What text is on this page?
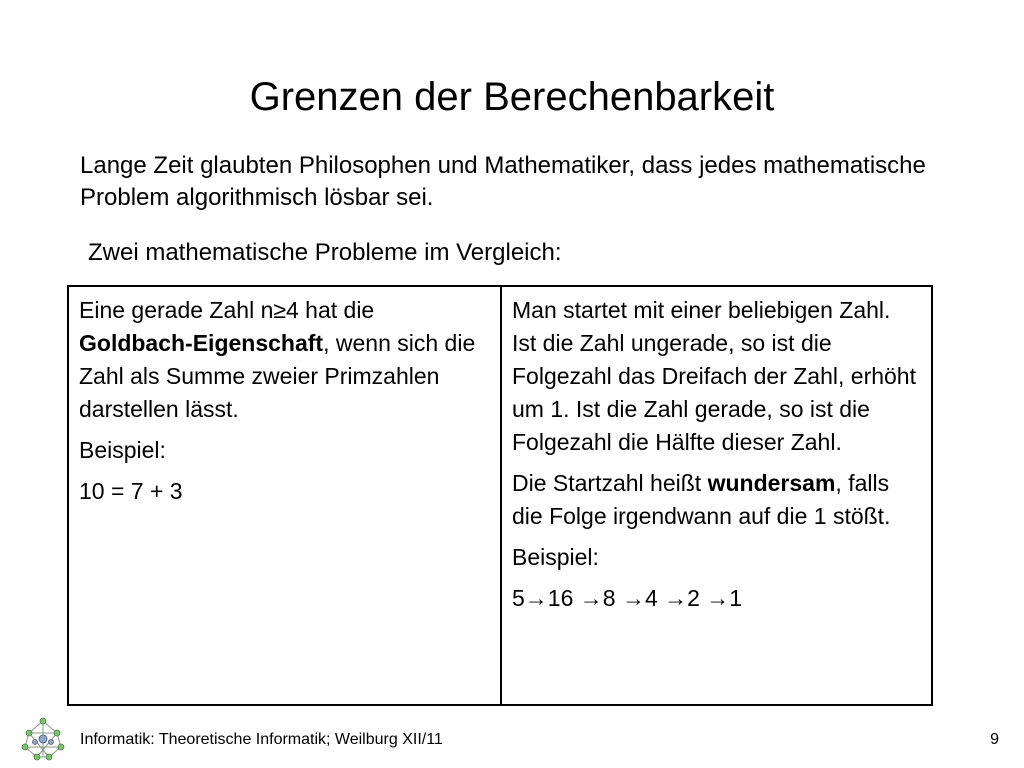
Grenzen der Berechenbarkeit

Lange Zeit glaubten Philosophen und Mathematiker, dass jedes mathematische Problem algorithmisch lösbar sei.

Zwei mathematische Probleme im Vergleich:

Eine gerade Zahl n≥4 hat die Goldbach-Eigenschaft, wenn sich die Zahl als Summe zweier Primzahlen darstellen lässt.

Beispiel:

10 = 7 + 3

Man startet mit einer beliebigen Zahl. Ist die Zahl ungerade, so ist die Folgezahl das Dreifach der Zahl, erhöht um 1. Ist die Zahl gerade, so ist die Folgezahl die Hälfte dieser Zahl.

Die Startzahl heißt wundersam, falls die Folge irgendwann auf die 1 stößt.

Beispiel:

5→16 →8 →4 →2 →1

Informatik: Theoretische Informatik; Weilburg XII/11	9
